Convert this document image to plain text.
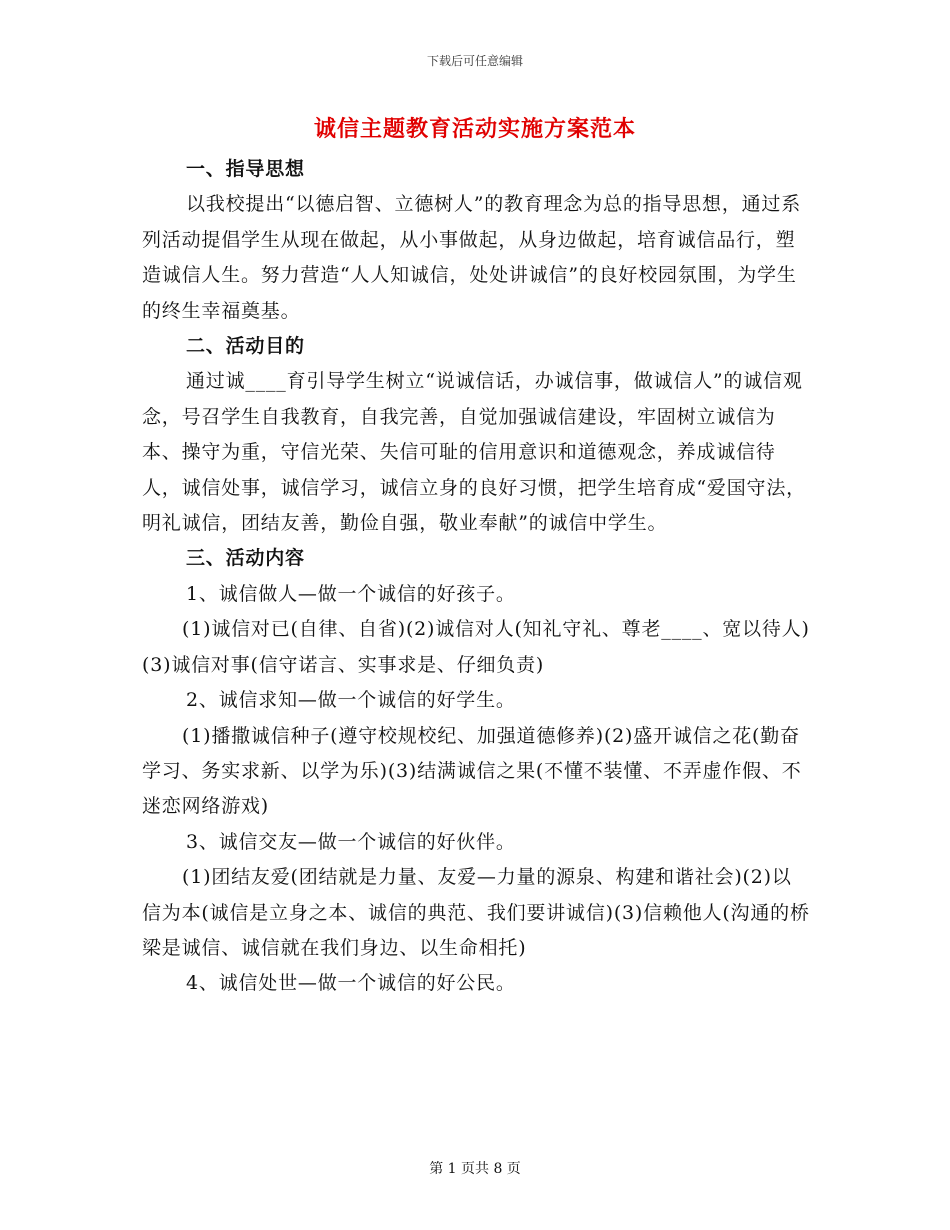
下载后可任意编辑
诚信主题教育活动实施方案范本

一、指导思想

以我校提出“以德启智、立德树人”的教育理念为总的指导思想，通过系列活动提倡学生从现在做起，从小事做起，从身边做起，培育诚信品行，塑造诚信人生。努力营造“人人知诚信，处处讲诚信”的良好校园氛围，为学生的终生幸福奠基。

二、活动目的

通过诚____育引导学生树立“说诚信话，办诚信事，做诚信人”的诚信观念，号召学生自我教育，自我完善，自觉加强诚信建设，牢固树立诚信为本、操守为重，守信光荣、失信可耻的信用意识和道德观念，养成诚信待人，诚信处事，诚信学习，诚信立身的良好习惯，把学生培育成“爱国守法，明礼诚信，团结友善，勤俭自强，敬业奉献”的诚信中学生。

三、活动内容

1、诚信做人—做一个诚信的好孩子。

(1)诚信对已(自律、自省)(2)诚信对人(知礼守礼、尊老____、宽以待人)(3)诚信对事(信守诺言、实事求是、仔细负责)

2、诚信求知—做一个诚信的好学生。

(1)播撒诚信种子(遵守校规校纪、加强道德修养)(2)盛开诚信之花(勤奋学习、务实求新、以学为乐)(3)结满诚信之果(不懂不装懂、不弄虚作假、不迷恋网络游戏)

3、诚信交友—做一个诚信的好伙伴。

(1)团结友爱(团结就是力量、友爱—力量的源泉、构建和谐社会)(2)以信为本(诚信是立身之本、诚信的典范、我们要讲诚信)(3)信赖他人(沟通的桥梁是诚信、诚信就在我们身边、以生命相托)

4、诚信处世—做一个诚信的好公民。

第 1 页共 8 页
